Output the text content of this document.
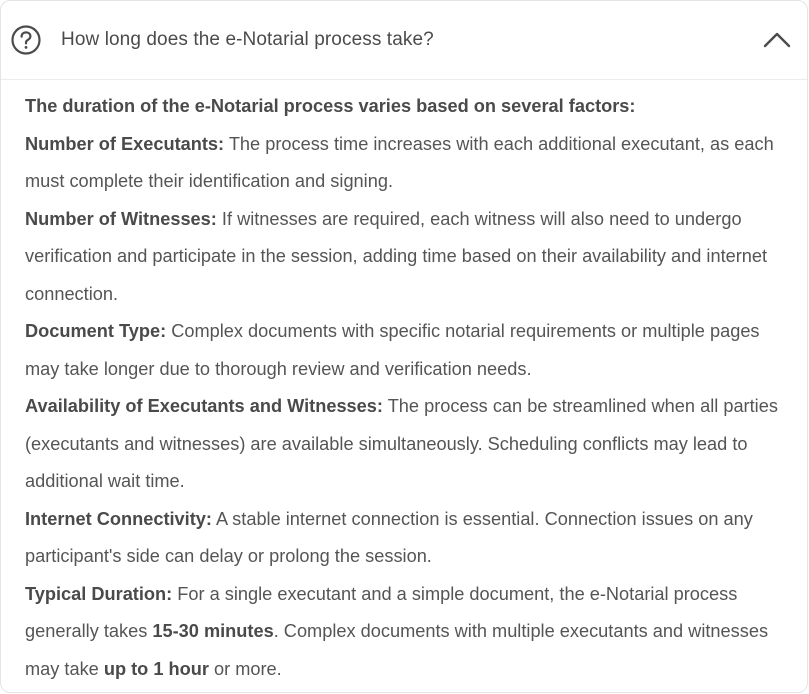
How long does the e-Notarial process take?

The duration of the e-Notarial process varies based on several factors:

Number of Executants: The process time increases with each additional executant, as each must complete their identification and signing.

Number of Witnesses: If witnesses are required, each witness will also need to undergo verification and participate in the session, adding time based on their availability and internet connection.

Document Type: Complex documents with specific notarial requirements or multiple pages may take longer due to thorough review and verification needs.

Availability of Executants and Witnesses: The process can be streamlined when all parties (executants and witnesses) are available simultaneously. Scheduling conflicts may lead to additional wait time.

Internet Connectivity: A stable internet connection is essential. Connection issues on any participant's side can delay or prolong the session.

Typical Duration: For a single executant and a simple document, the e-Notarial process generally takes 15-30 minutes. Complex documents with multiple executants and witnesses may take up to 1 hour or more.
